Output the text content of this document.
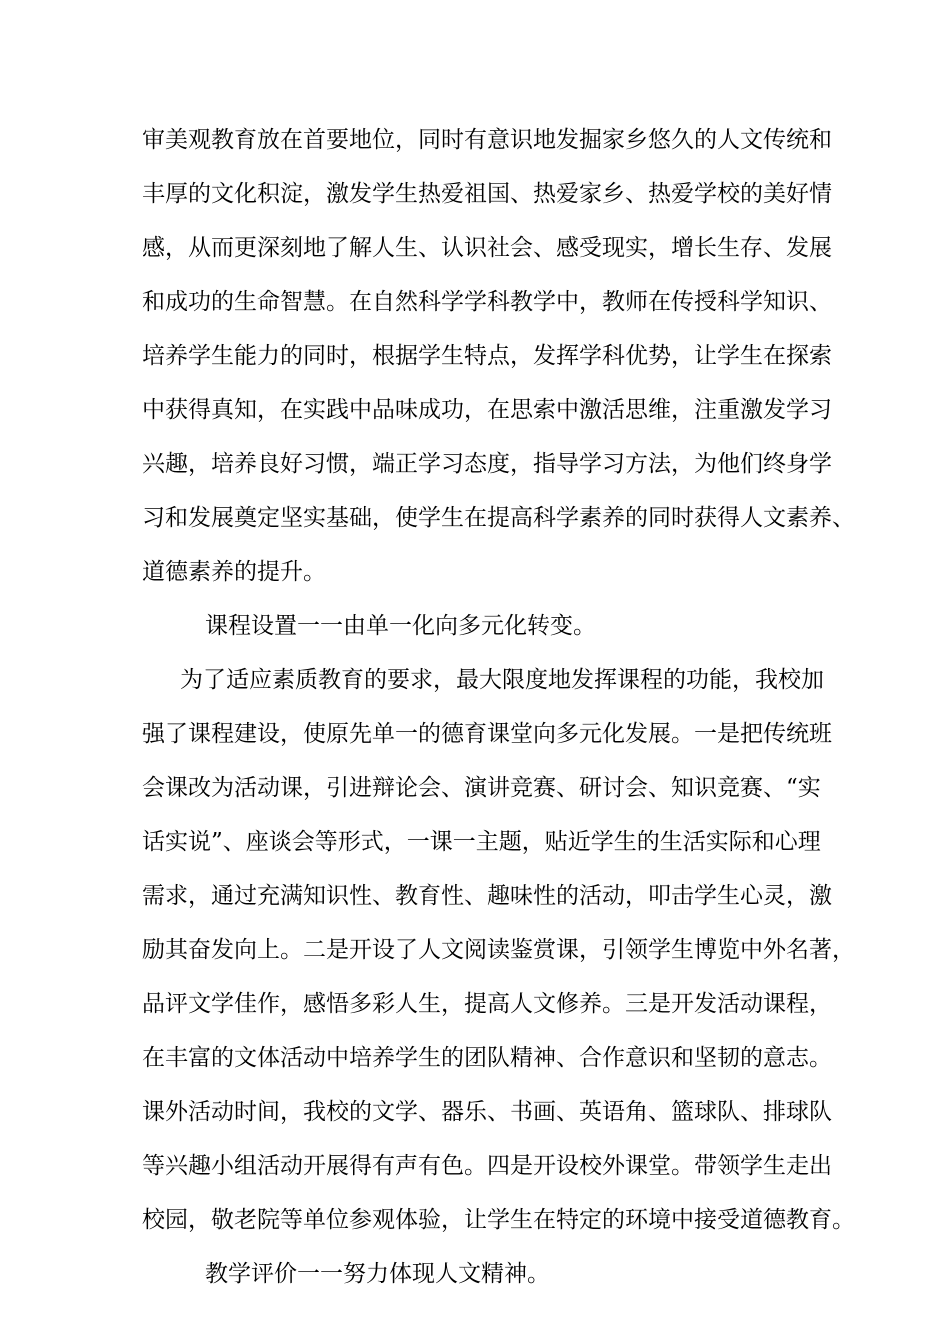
审美观教育放在首要地位，同时有意识地发掘家乡悠久的人文传统和
丰厚的文化积淀，激发学生热爱祖国、热爱家乡、热爱学校的美好情
感，从而更深刻地了解人生、认识社会、感受现实，增长生存、发展
和成功的生命智慧。在自然科学学科教学中，教师在传授科学知识、
培养学生能力的同时，根据学生特点，发挥学科优势，让学生在探索
中获得真知，在实践中品味成功，在思索中激活思维，注重激发学习
兴趣，培养良好习惯，端正学习态度，指导学习方法，为他们终身学
习和发展奠定坚实基础，使学生在提高科学素养的同时获得人文素养、
道德素养的提升。
课程设置一一由单一化向多元化转变。
为了适应素质教育的要求，最大限度地发挥课程的功能，我校加
强了课程建设，使原先单一的德育课堂向多元化发展。一是把传统班
会课改为活动课，引进辩论会、演讲竞赛、研讨会、知识竞赛、“实
话实说”、座谈会等形式，一课一主题，贴近学生的生活实际和心理
需求，通过充满知识性、教育性、趣味性的活动，叩击学生心灵，激
励其奋发向上。二是开设了人文阅读鉴赏课，引领学生博览中外名著，
品评文学佳作，感悟多彩人生，提高人文修养。三是开发活动课程，
在丰富的文体活动中培养学生的团队精神、合作意识和坚韧的意志。
课外活动时间，我校的文学、器乐、书画、英语角、篮球队、排球队
等兴趣小组活动开展得有声有色。四是开设校外课堂。带领学生走出
校园，敬老院等单位参观体验，让学生在特定的环境中接受道德教育。
教学评价一一努力体现人文精神。
